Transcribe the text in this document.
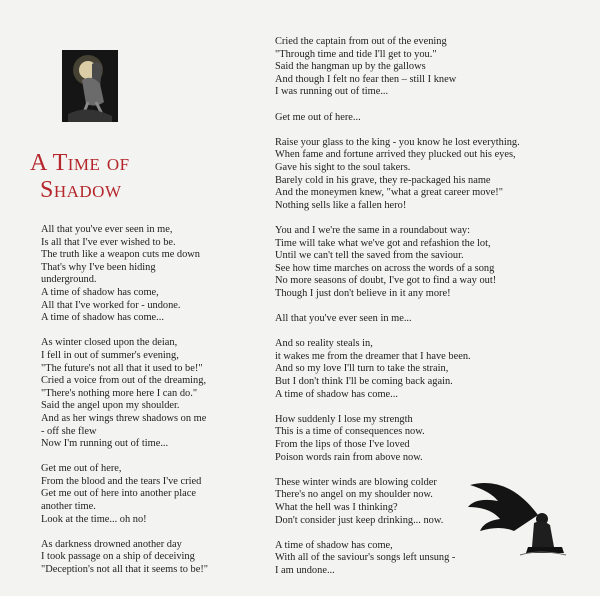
A Time of
Shadow
All that you've ever seen in me,
Is all that I've ever wished to be.
The truth like a weapon cuts me down
That's why I've been hiding
underground.
A time of shadow has come,
All that I've worked for - undone.
A time of shadow has come...
As winter closed upon the deian,
I fell in out of summer's evening,
"The future's not all that it used to be!"
Cried a voice from out of the dreaming,
"There's nothing more here I can do."
Said the angel upon my shoulder.
And as her wings threw shadows on me
- off she flew
Now I'm running out of time...
Get me out of here,
From the blood and the tears I've cried
Get me out of here into another place
another time.
Look at the time... oh no!
As darkness drowned another day
I took passage on a ship of deceiving
"Deception's not all that it seems to be!"
Cried the captain from out of the evening
"Through time and tide I'll get to you."
Said the hangman up by the gallows
And though I felt no fear then – still I knew
I was running out of time...
Get me out of here...
Raise your glass to the king - you know he lost everything.
When fame and fortune arrived they plucked out his eyes,
Gave his sight to the soul takers.
Barely cold in his grave, they re-packaged his name
And the moneymen knew, "what a great career move!"
Nothing sells like a fallen hero!
You and I we're the same in a roundabout way:
Time will take what we've got and refashion the lot,
Until we can't tell the saved from the saviour.
See how time marches on across the words of a song
No more seasons of doubt, I've got to find a way out!
Though I just don't believe in it any more!
All that you've ever seen in me...
And so reality steals in,
it wakes me from the dreamer that I have been.
And so my love I'll turn to take the strain,
But I don't think I'll be coming back again.
A time of shadow has come...
How suddenly I lose my strength
This is a time of consequences now.
From the lips of those I've loved
Poison words rain from above now.
These winter winds are blowing colder
There's no angel on my shoulder now.
What the hell was I thinking?
Don't consider just keep drinking... now.
A time of shadow has come,
With all of the saviour's songs left unsung -
I am undone...
